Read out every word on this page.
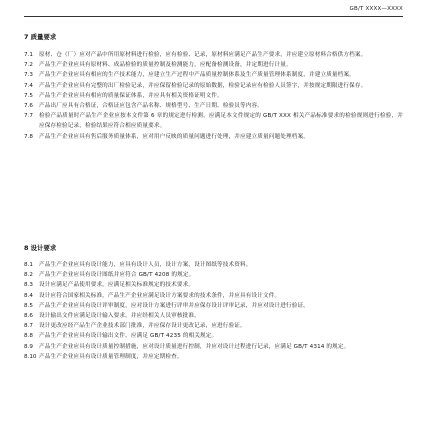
GB/T XXXX—XXXX
7 质量要求
7.1	原材、仓（厂）应对产品中所用原材料进行检验，应有检验、记录，原材料应满足产品生产要求，并应建立原材料合格供方档案。
7.2	产品生产企业应具有原材料、成品检验的质量控制及检测能力，应配备检测设备，并定期进行计量。
7.3	产品生产企业应具有相应的生产技术能力，应建立生产过程中产品质量控制体系及生产质量管理体系制度，并建立质量档案。
7.4	产品生产企业应具有完整的出厂检验记录，并应保留检验记录的原始数据，检验记录应有检验人员签字，并按规定期限进行保存。
7.5	产品生产企业应具有相应的质量保证体系，并应具有相关资格证明文件。
7.6	产品出厂应具有合格证，合格证应包含产品名称、规格型号、生产日期、检验员等内容。
7.7	检验产品质量时产品生产企业应按本文件第 6 章的规定进行检测，应满足本文件规定的 GB/T XXX 相关产品标准要求的检验规则进行检验，并应保存检验记录，检验结果应符合相应质量要求。
7.8	产品生产企业应具有售后服务质量体系，应对用户反映的质量问题进行处理，并应建立质量问题处理档案。
8 设计要求
8.1	产品生产企业应具有设计能力，应具有设计人员，设计方案，设计图纸等技术资料。
8.2	产品生产企业应具有设计图纸并应符合 GB/T 4208 的规定。
8.3	设计应满足产品使用要求，应满足相关标准规定的技术要求。
8.4	设计应符合国家相关标准，产品生产企业应满足设计方案要求的技术条件，并应具有设计文件。
8.5	产品生产企业应具有设计评审制度，应对设计方案进行评审并应保存设计评审记录，并应对设计进行验证。
8.6	设计输出文件应满足设计输入要求，并应经相关人员审核批准。
8.7	设计更改应经产品生产企业技术部门批准，并应保存设计更改记录，应进行验证。
8.8	产品生产企业应具有设计输出文件，应满足 GB/T 4235 的相关规定。
8.9	产品生产企业应具有设计质量控制措施，应对设计质量进行控制，并应对设计过程进行记录，应满足 GB/T 4314 的规定。
8.10 产品生产企业应具有设计质量管理制度，并应定期检查。
